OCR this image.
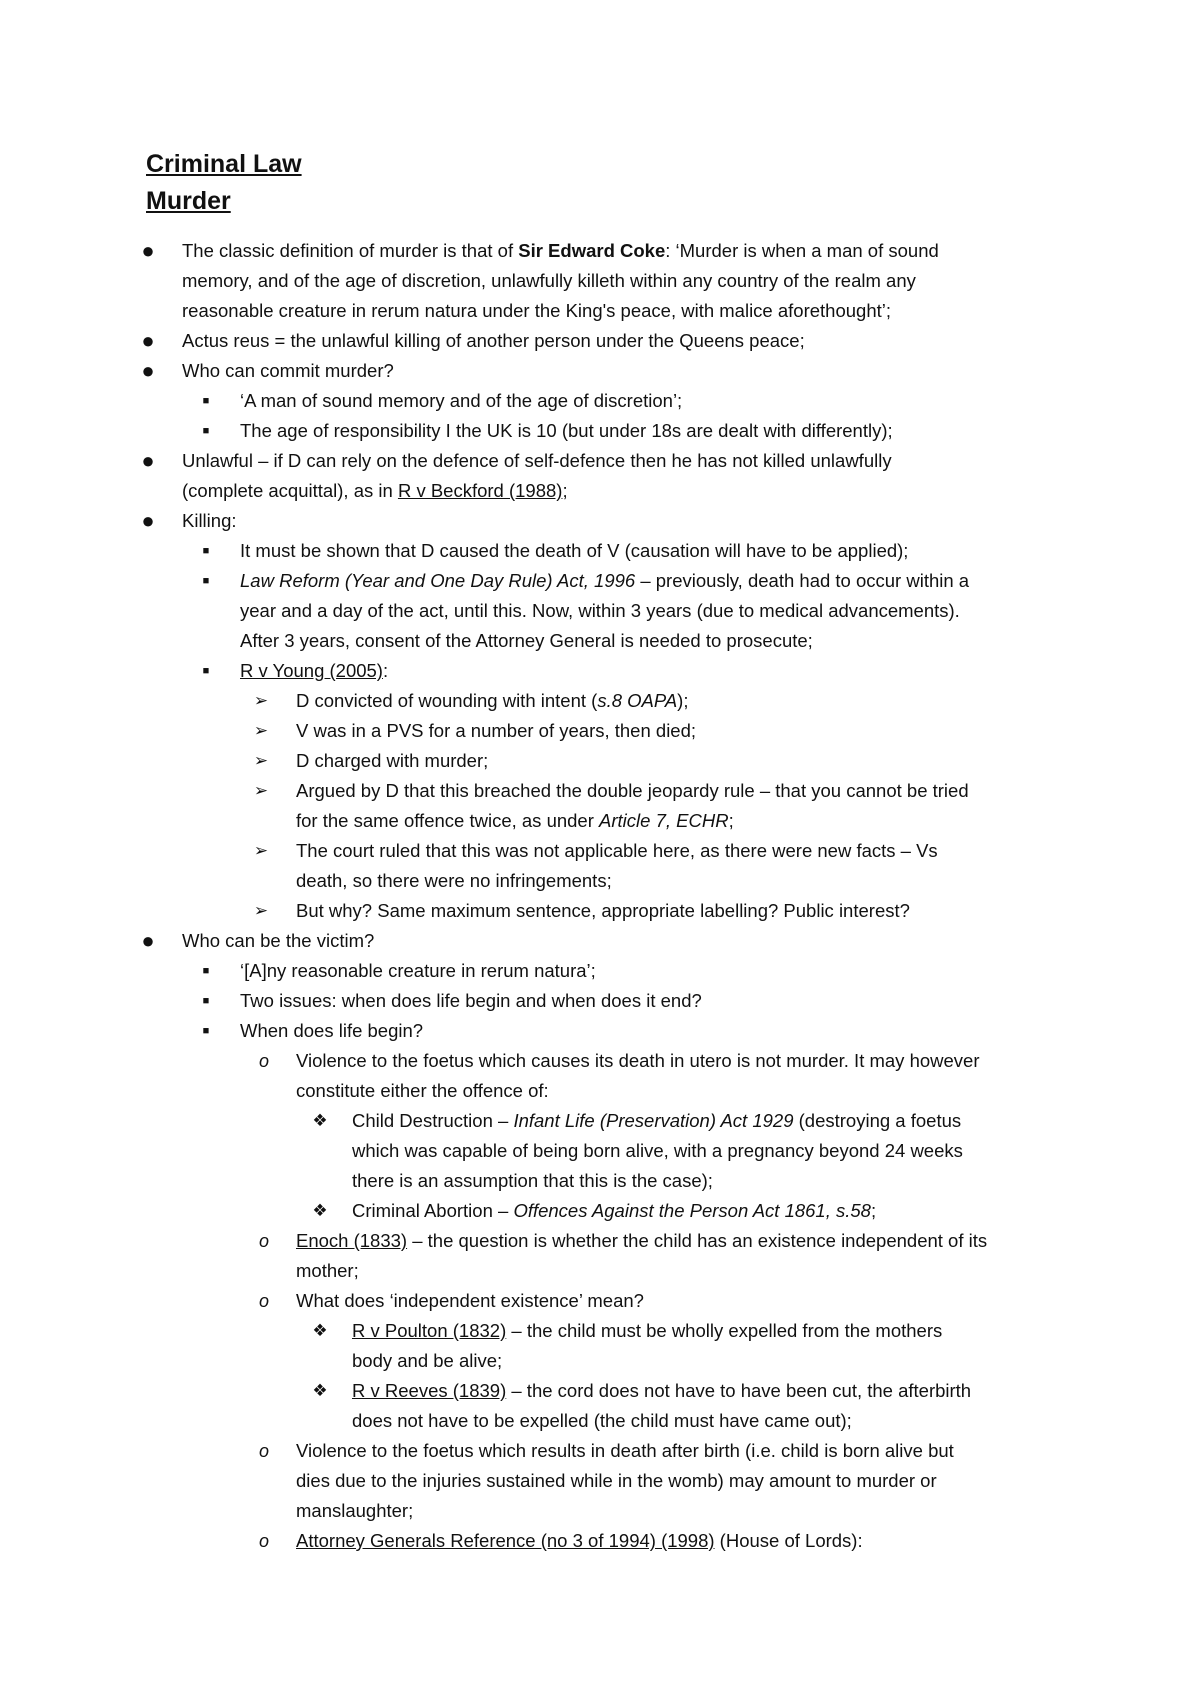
Criminal Law
Murder
● The classic definition of murder is that of Sir Edward Coke: ‘Murder is when a man of sound
memory, and of the age of discretion, unlawfully killeth within any country of the realm any
reasonable creature in rerum natura under the King's peace, with malice aforethought’;
● Actus reus = the unlawful killing of another person under the Queens peace;
● Who can commit murder?
■	‘A man of sound memory and of the age of discretion’;
■	The age of responsibility I the UK is 10 (but under 18s are dealt with differently);
● Unlawful – if D can rely on the defence of self-defence then he has not killed unlawfully
(complete acquittal), as in R v Beckford (1988);
● Killing:
■	It must be shown that D caused the death of V (causation will have to be applied);
■	Law Reform (Year and One Day Rule) Act, 1996 – previously, death had to occur within a
year and a day of the act, until this. Now, within 3 years (due to medical advancements).
After 3 years, consent of the Attorney General is needed to prosecute;
■	R v Young (2005):
➢ D convicted of wounding with intent (s.8 OAPA);
➢ V was in a PVS for a number of years, then died;
➢ D charged with murder;
➢ Argued by D that this breached the double jeopardy rule – that you cannot be tried
for the same offence twice, as under Article 7, ECHR;
➢ The court ruled that this was not applicable here, as there were new facts – Vs
death, so there were no infringements;
➢ But why? Same maximum sentence, appropriate labelling? Public interest?
● Who can be the victim?
■	‘[A]ny reasonable creature in rerum natura’;
■	Two issues: when does life begin and when does it end?
■	When does life begin?
o Violence to the foetus which causes its death in utero is not murder. It may however
constitute either the offence of:
❖ Child Destruction – Infant Life (Preservation) Act 1929 (destroying a foetus
which was capable of being born alive, with a pregnancy beyond 24 weeks
there is an assumption that this is the case);
❖ Criminal Abortion – Offences Against the Person Act 1861, s.58;
o Enoch (1833) – the question is whether the child has an existence independent of its
mother;
o What does ‘independent existence’ mean?
❖ R v Poulton (1832) – the child must be wholly expelled from the mothers
body and be alive;
❖ R v Reeves (1839) – the cord does not have to have been cut, the afterbirth
does not have to be expelled (the child must have came out);
o Violence to the foetus which results in death after birth (i.e. child is born alive but
dies due to the injuries sustained while in the womb) may amount to murder or
manslaughter;
o Attorney Generals Reference (no 3 of 1994) (1998) (House of Lords):
